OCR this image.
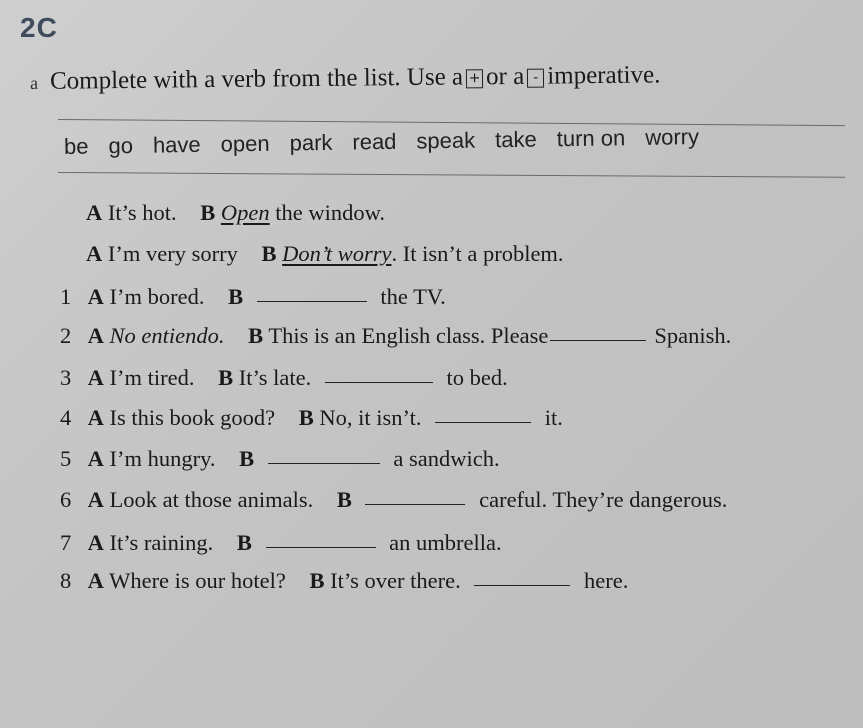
2C
a Complete with a verb from the list. Use a + or a - imperative.
be go have open park read speak take turn on worry
A It’s hot. B Open the window.
A I’m very sorry B Don’t worry. It isn’t a problem.
1 A I’m bored. B	the TV.
2 A No entiendo. B This is an English class. Please	Spanish.
3 A I’m tired. B It’s late.	to bed.
4 A Is this book good? B No, it isn’t.	it.
5 A I’m hungry. B	a sandwich.
6 A Look at those animals. B	careful. They’re dangerous.
7 A It’s raining. B	an umbrella.
8 A Where is our hotel? B It’s over there.	here.
